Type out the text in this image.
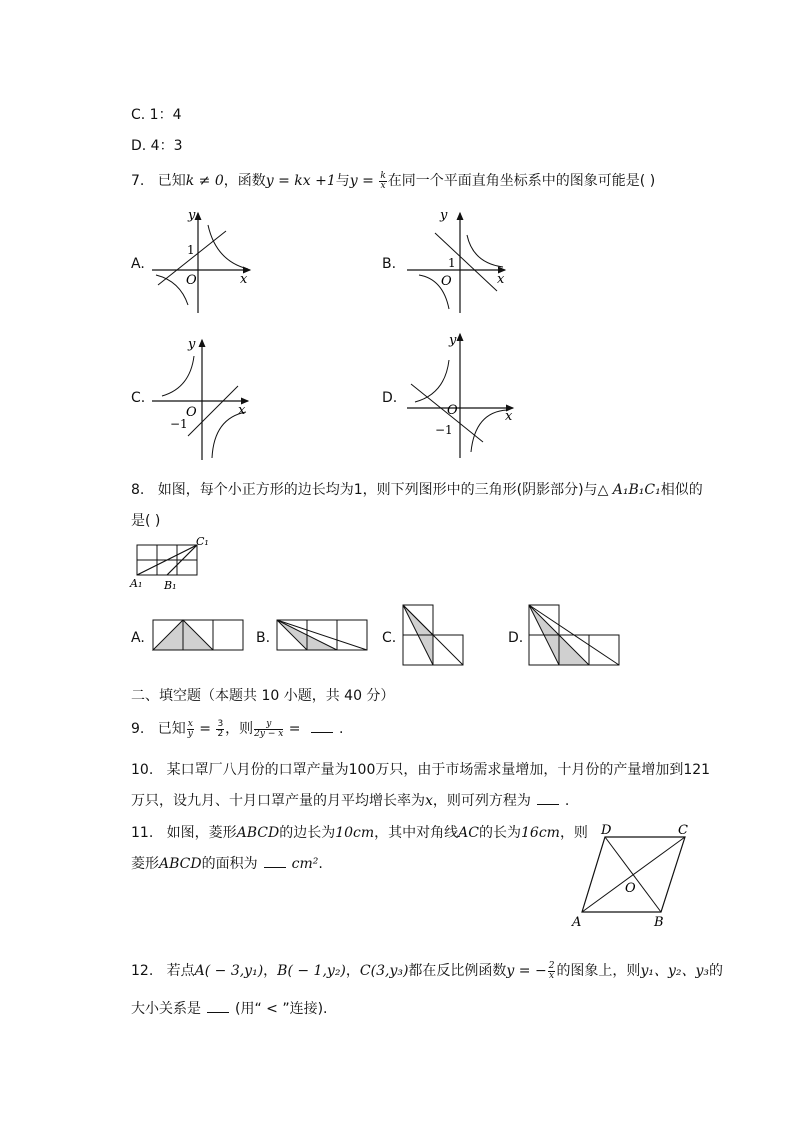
C. 1：4
D. 4：3
7. 已知k ≠ 0，函数y = kx +1与$y = \frac{k}{x}$ 在同一个平面直角坐标系中的图象可能是( )
A.	B.
C.	D.
y
x
O
1
y
x
O
1
y
x
O
−1
y
x
O
−1
8. 如图，每个小正方形的边长均为1，则下列图形中的三角形(阴影部分)与△ A₁B₁C₁相似的
是( )
C₁
A₁ B₁
A.	B.	C.	D.
二、填空题（本题共 10 小题，共 40 分）
9. 已知 $\frac{x}{y} = \frac{3}{2}$ ，则 $\frac{y}{2y - x}$ = .
10. 某口罩厂八月份的口罩产量为100万只，由于市场需求量增加，十月份的产量增加到121
万只，设九月、十月口罩产量的月平均增长率为x，则可列方程为 .
11. 如图，菱形ABCD的边长为10cm，其中对角线AC的长为16cm，则
菱形ABCD的面积为 cm².
D	C
A	B
O
12. 若点A( − 3,y₁)，B( − 1,y₂)，C(3,y₃)都在反比例函数y = − $\frac{2}{x}$ 的图象上，则y₁、y₂、y₃的
大小关系是 (用“ < ”连接).
